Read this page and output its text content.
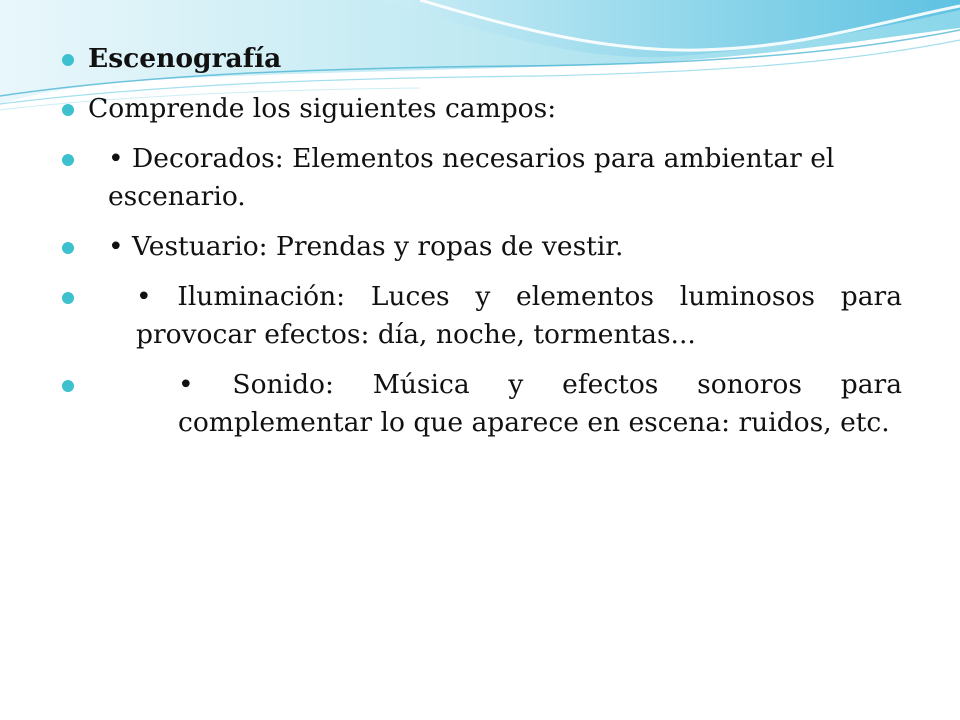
Escenografía
Comprende los siguientes campos:
• Decorados: Elementos necesarios para ambientar el escenario.
• Vestuario: Prendas y ropas de vestir.
• Iluminación: Luces y elementos luminosos para provocar efectos: día, noche, tormentas...
• Sonido: Música y efectos sonoros para complementar lo que aparece en escena: ruidos, etc.
